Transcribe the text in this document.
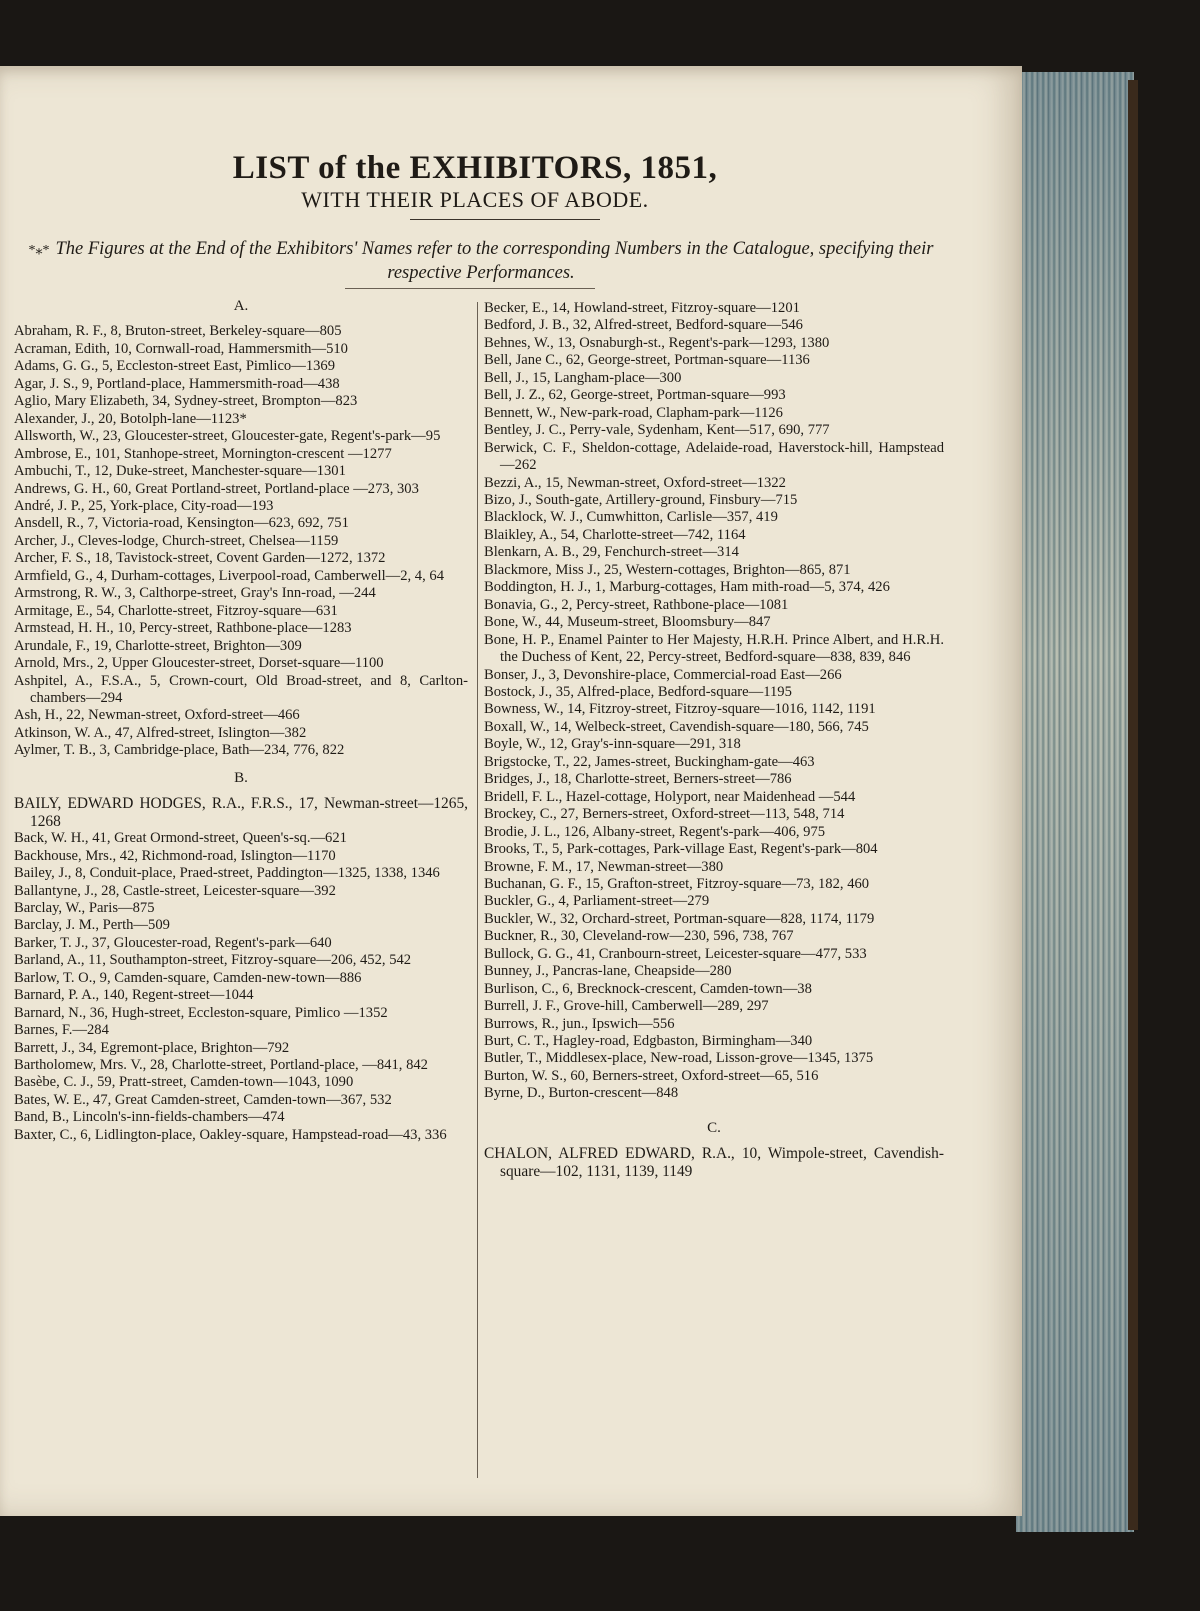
LIST of the EXHIBITORS, 1851,
WITH THEIR PLACES OF ABODE.
*⁎* The Figures at the End of the Exhibitors' Names refer to the corresponding Numbers in the Catalogue, specifying their respective Performances.
A.
Abraham, R. F., 8, Bruton-street, Berkeley-square—805
Acraman, Edith, 10, Cornwall-road, Hammersmith—510
Adams, G. G., 5, Eccleston-street East, Pimlico—1369
Agar, J. S., 9, Portland-place, Hammersmith-road—438
Aglio, Mary Elizabeth, 34, Sydney-street, Brompton—823
Alexander, J., 20, Botolph-lane—1123*
Allsworth, W., 23, Gloucester-street, Gloucester-gate, Regent's-park—95
Ambrose, E., 101, Stanhope-street, Mornington-crescent —1277
Ambuchi, T., 12, Duke-street, Manchester-square—1301
Andrews, G. H., 60, Great Portland-street, Portland-place —273, 303
André, J. P., 25, York-place, City-road—193
Ansdell, R., 7, Victoria-road, Kensington—623, 692, 751
Archer, J., Cleves-lodge, Church-street, Chelsea—1159
Archer, F. S., 18, Tavistock-street, Covent Garden—1272, 1372
Armfield, G., 4, Durham-cottages, Liverpool-road, Camberwell—2, 4, 64
Armstrong, R. W., 3, Calthorpe-street, Gray's Inn-road, —244
Armitage, E., 54, Charlotte-street, Fitzroy-square—631
Armstead, H. H., 10, Percy-street, Rathbone-place—1283
Arundale, F., 19, Charlotte-street, Brighton—309
Arnold, Mrs., 2, Upper Gloucester-street, Dorset-square—1100
Ashpitel, A., F.S.A., 5, Crown-court, Old Broad-street, and 8, Carlton-chambers—294
Ash, H., 22, Newman-street, Oxford-street—466
Atkinson, W. A., 47, Alfred-street, Islington—382
Aylmer, T. B., 3, Cambridge-place, Bath—234, 776, 822
B.
BAILY, EDWARD HODGES, R.A., F.R.S., 17, Newman-street—1265, 1268
Back, W. H., 41, Great Ormond-street, Queen's-sq.—621
Backhouse, Mrs., 42, Richmond-road, Islington—1170
Bailey, J., 8, Conduit-place, Praed-street, Paddington—1325, 1338, 1346
Ballantyne, J., 28, Castle-street, Leicester-square—392
Barclay, W., Paris—875
Barclay, J. M., Perth—509
Barker, T. J., 37, Gloucester-road, Regent's-park—640
Barland, A., 11, Southampton-street, Fitzroy-square—206, 452, 542
Barlow, T. O., 9, Camden-square, Camden-new-town—886
Barnard, P. A., 140, Regent-street—1044
Barnard, N., 36, Hugh-street, Eccleston-square, Pimlico —1352
Barnes, F.—284
Barrett, J., 34, Egremont-place, Brighton—792
Bartholomew, Mrs. V., 28, Charlotte-street, Portland-place, —841, 842
Basèbe, C. J., 59, Pratt-street, Camden-town—1043, 1090
Bates, W. E., 47, Great Camden-street, Camden-town—367, 532
Band, B., Lincoln's-inn-fields-chambers—474
Baxter, C., 6, Lidlington-place, Oakley-square, Hampstead-road—43, 336
Becker, E., 14, Howland-street, Fitzroy-square—1201
Bedford, J. B., 32, Alfred-street, Bedford-square—546
Behnes, W., 13, Osnaburgh-st., Regent's-park—1293, 1380
Bell, Jane C., 62, George-street, Portman-square—1136
Bell, J., 15, Langham-place—300
Bell, J. Z., 62, George-street, Portman-square—993
Bennett, W., New-park-road, Clapham-park—1126
Bentley, J. C., Perry-vale, Sydenham, Kent—517, 690, 777
Berwick, C. F., Sheldon-cottage, Adelaide-road, Haverstock-hill, Hampstead—262
Bezzi, A., 15, Newman-street, Oxford-street—1322
Bizo, J., South-gate, Artillery-ground, Finsbury—715
Blacklock, W. J., Cumwhitton, Carlisle—357, 419
Blaikley, A., 54, Charlotte-street—742, 1164
Blenkarn, A. B., 29, Fenchurch-street—314
Blackmore, Miss J., 25, Western-cottages, Brighton—865, 871
Boddington, H. J., 1, Marburg-cottages, Ham mith-road—5, 374, 426
Bonavia, G., 2, Percy-street, Rathbone-place—1081
Bone, W., 44, Museum-street, Bloomsbury—847
Bone, H. P., Enamel Painter to Her Majesty, H.R.H. Prince Albert, and H.R.H. the Duchess of Kent, 22, Percy-street, Bedford-square—838, 839, 846
Bonser, J., 3, Devonshire-place, Commercial-road East—266
Bostock, J., 35, Alfred-place, Bedford-square—1195
Bowness, W., 14, Fitzroy-street, Fitzroy-square—1016, 1142, 1191
Boxall, W., 14, Welbeck-street, Cavendish-square—180, 566, 745
Boyle, W., 12, Gray's-inn-square—291, 318
Brigstocke, T., 22, James-street, Buckingham-gate—463
Bridges, J., 18, Charlotte-street, Berners-street—786
Bridell, F. L., Hazel-cottage, Holyport, near Maidenhead —544
Brockey, C., 27, Berners-street, Oxford-street—113, 548, 714
Brodie, J. L., 126, Albany-street, Regent's-park—406, 975
Brooks, T., 5, Park-cottages, Park-village East, Regent's-park—804
Browne, F. M., 17, Newman-street—380
Buchanan, G. F., 15, Grafton-street, Fitzroy-square—73, 182, 460
Buckler, G., 4, Parliament-street—279
Buckler, W., 32, Orchard-street, Portman-square—828, 1174, 1179
Buckner, R., 30, Cleveland-row—230, 596, 738, 767
Bullock, G. G., 41, Cranbourn-street, Leicester-square—477, 533
Bunney, J., Pancras-lane, Cheapside—280
Burlison, C., 6, Brecknock-crescent, Camden-town—38
Burrell, J. F., Grove-hill, Camberwell—289, 297
Burrows, R., jun., Ipswich—556
Burt, C. T., Hagley-road, Edgbaston, Birmingham—340
Butler, T., Middlesex-place, New-road, Lisson-grove—1345, 1375
Burton, W. S., 60, Berners-street, Oxford-street—65, 516
Byrne, D., Burton-crescent—848
C.
CHALON, ALFRED EDWARD, R.A., 10, Wimpole-street, Cavendish-square—102, 1131, 1139, 1149
